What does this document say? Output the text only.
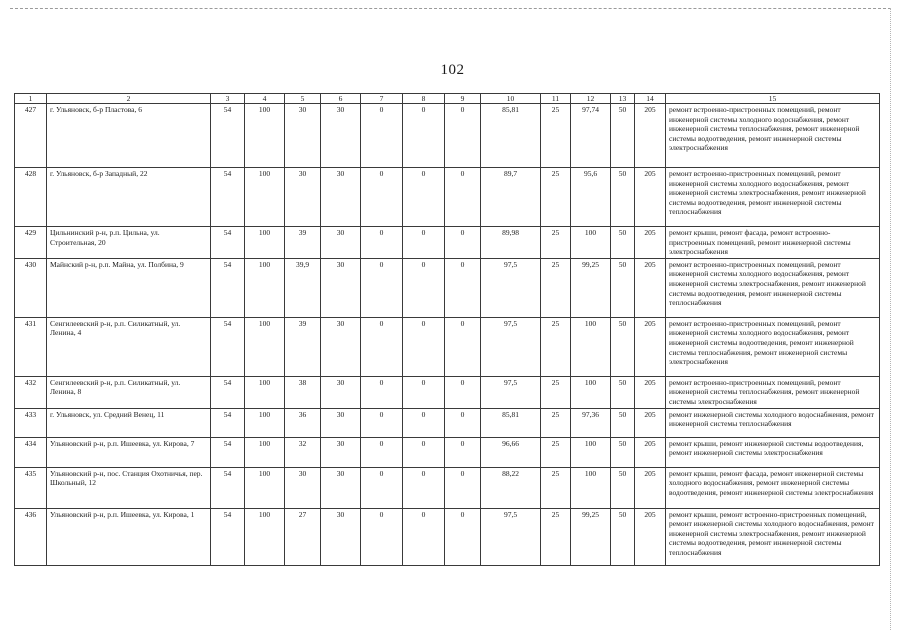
102
1	2	3	4	5	6	7	8	9	10	11	12	13	14	15
427	г. Ульяновск, б-р Пластова, 6	54	100	30	30	0	0	0	85,81	25	97,74	50	205	ремонт встроенно-пристроенных помещений, ремонт инженерной системы холодного водоснабжения, ремонт инженерной системы теплоснабжения, ремонт инженерной системы водоотведения, ремонт инженерной системы электроснабжения
428	г. Ульяновск, б-р Западный, 22	54	100	30	30	0	0	0	89,7	25	95,6	50	205	ремонт встроенно-пристроенных помещений, ремонт инженерной системы холодного водоснабжения, ремонт инженерной системы электроснабжения, ремонт инженерной системы водоотведения, ремонт инженерной системы теплоснабжения
429	Цильнинский р-н, р.п. Цильна, ул. Строительная, 20	54	100	39	30	0	0	0	89,98	25	100	50	205	ремонт крыши, ремонт фасада, ремонт встроенно-пристроенных помещений, ремонт инженерной системы электроснабжения
430	Майнский р-н, р.п. Майна, ул. Полбина, 9	54	100	39,9	30	0	0	0	97,5	25	99,25	50	205	ремонт встроенно-пристроенных помещений, ремонт инженерной системы холодного водоснабжения, ремонт инженерной системы электроснабжения, ремонт инженерной системы водоотведения, ремонт инженерной системы теплоснабжения
431	Сенгилеевский р-н, р.п. Силикатный, ул. Ленина, 4	54	100	39	30	0	0	0	97,5	25	100	50	205	ремонт встроенно-пристроенных помещений, ремонт инженерной системы холодного водоснабжения, ремонт инженерной системы водоотведения, ремонт инженерной системы теплоснабжения, ремонт инженерной системы электроснабжения
432	Сенгилеевский р-н, р.п. Силикатный, ул. Ленина, 8	54	100	38	30	0	0	0	97,5	25	100	50	205	ремонт встроенно-пристроенных помещений, ремонт инженерной системы теплоснабжения, ремонт инженерной системы электроснабжения
433	г. Ульяновск, ул. Средний Венец, 11	54	100	36	30	0	0	0	85,81	25	97,36	50	205	ремонт инженерной системы холодного водоснабжения, ремонт инженерной системы теплоснабжения
434	Ульяновский р-н, р.п. Ишеевка, ул. Кирова, 7	54	100	32	30	0	0	0	96,66	25	100	50	205	ремонт крыши, ремонт инженерной системы водоотведения, ремонт инженерной системы электроснабжения
435	Ульяновский р-н, пос. Станция Охотничья, пер. Школьный, 12	54	100	30	30	0	0	0	88,22	25	100	50	205	ремонт крыши, ремонт фасада, ремонт инженерной системы холодного водоснабжения, ремонт инженерной системы водоотведения, ремонт инженерной системы электроснабжения
436	Ульяновский р-н, р.п. Ишеевка, ул. Кирова, 1	54	100	27	30	0	0	0	97,5	25	99,25	50	205	ремонт крыши, ремонт встроенно-пристроенных помещений, ремонт инженерной системы холодного водоснабжения, ремонт инженерной системы электроснабжения, ремонт инженерной системы водоотведения, ремонт инженерной системы теплоснабжения
